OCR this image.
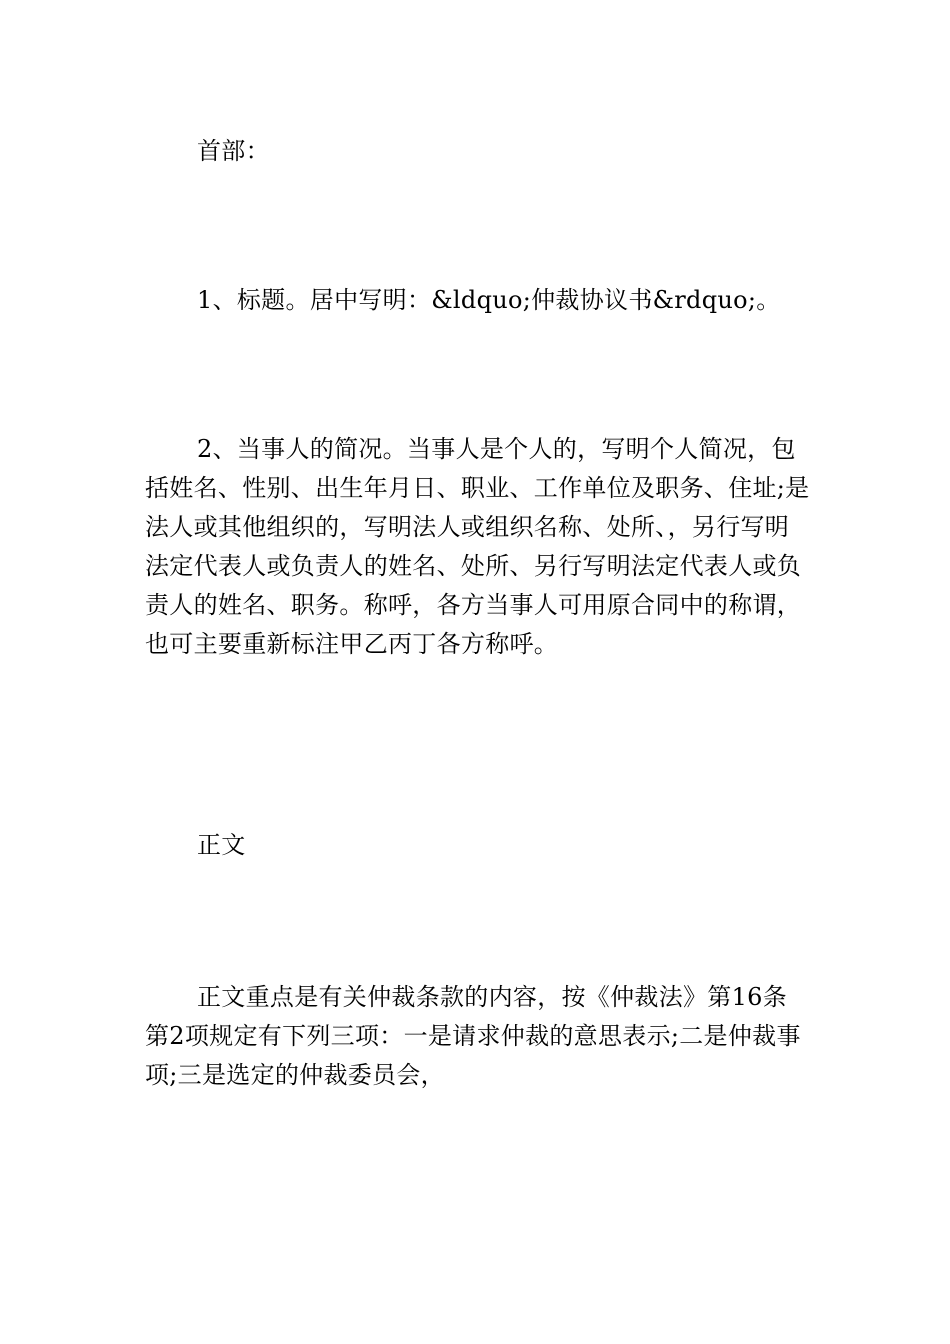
首部：

1、标题。居中写明：&ldquo;仲裁协议书&rdquo;。

2、当事人的简况。当事人是个人的，写明个人简况，包括姓名、性别、出生年月日、职业、工作单位及职务、住址;是法人或其他组织的，写明法人或组织名称、处所、，另行写明法定代表人或负责人的姓名、处所、另行写明法定代表人或负责人的姓名、职务。称呼，各方当事人可用原合同中的称谓，也可主要重新标注甲乙丙丁各方称呼。

正文

正文重点是有关仲裁条款的内容，按《仲裁法》第16条第2项规定有下列三项：一是请求仲裁的意思表示;二是仲裁事项;三是选定的仲裁委员会，
